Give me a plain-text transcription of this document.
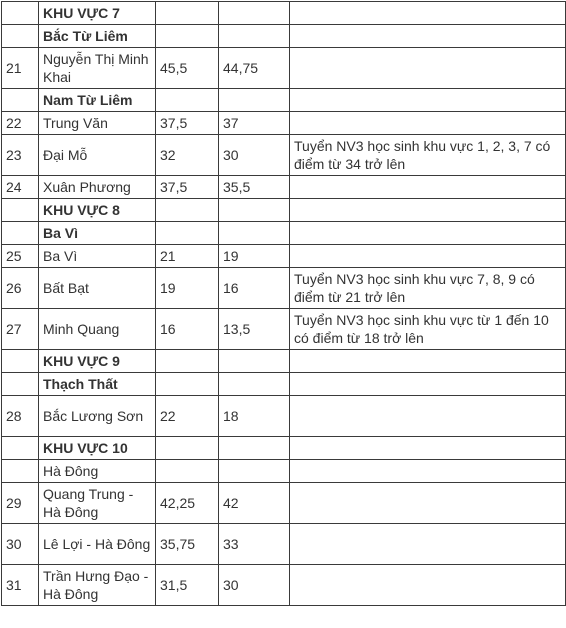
	KHU VỰC 7			
	Bắc Từ Liêm			
21	Nguyễn Thị Minh Khai	45,5	44,75	
	Nam Từ Liêm			
22	Trung Văn	37,5	37	
23	Đại Mỗ	32	30	Tuyển NV3 học sinh khu vực 1, 2, 3, 7 có điểm từ 34 trở lên
24	Xuân Phương	37,5	35,5	
	KHU VỰC 8			
	Ba Vì			
25	Ba Vì	21	19	
26	Bất Bạt	19	16	Tuyển NV3 học sinh khu vực 7, 8, 9 có điểm từ 21 trở lên
27	Minh Quang	16	13,5	Tuyển NV3 học sinh khu vực từ 1 đến 10 có điểm từ 18 trở lên
	KHU VỰC 9			
	Thạch Thất			
28	Bắc Lương Sơn	22	18	
	KHU VỰC 10			
	Hà Đông			
29	Quang Trung - Hà Đông	42,25	42	
30	Lê Lợi - Hà Đông	35,75	33	
31	Trần Hưng Đạo - Hà Đông	31,5	30	
